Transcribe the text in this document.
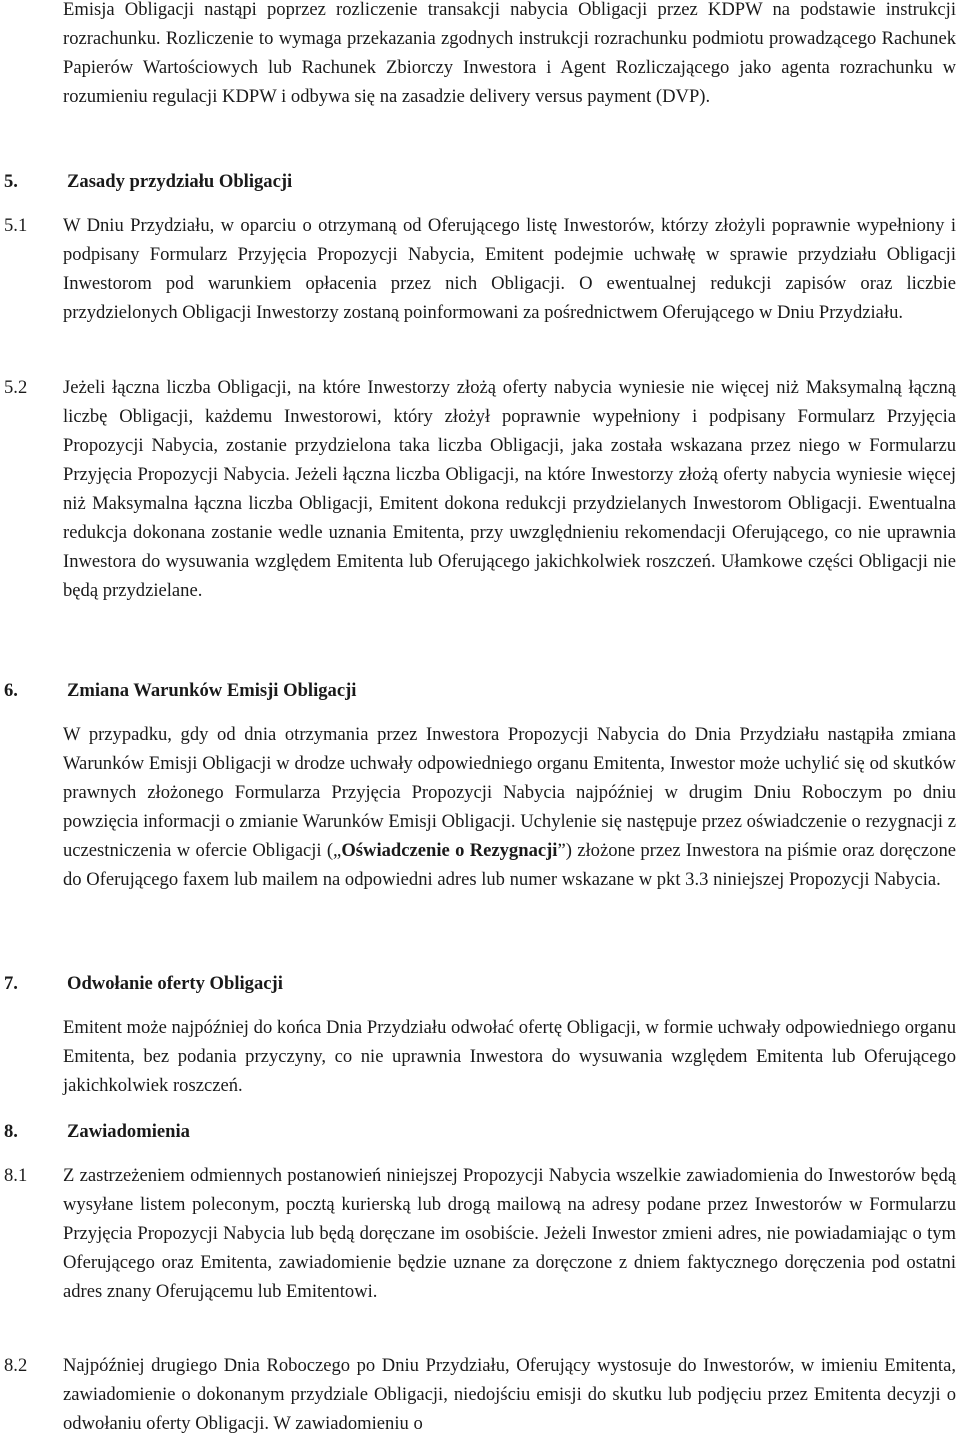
Emisja Obligacji nastąpi poprzez rozliczenie transakcji nabycia Obligacji przez KDPW na podstawie instrukcji rozrachunku. Rozliczenie to wymaga przekazania zgodnych instrukcji rozrachunku podmiotu prowadzącego Rachunek Papierów Wartościowych lub Rachunek Zbiorczy Inwestora i Agent Rozliczającego jako agenta rozrachunku w rozumieniu regulacji KDPW i odbywa się na zasadzie delivery versus payment (DVP).
5.	Zasady przydziału Obligacji
5.1 W Dniu Przydziału, w oparciu o otrzymaną od Oferującego listę Inwestorów, którzy złożyli poprawnie wypełniony i podpisany Formularz Przyjęcia Propozycji Nabycia, Emitent podejmie uchwałę w sprawie przydziału Obligacji Inwestorom pod warunkiem opłacenia przez nich Obligacji. O ewentualnej redukcji zapisów oraz liczbie przydzielonych Obligacji Inwestorzy zostaną poinformowani za pośrednictwem Oferującego w Dniu Przydziału.
5.2 Jeżeli łączna liczba Obligacji, na które Inwestorzy złożą oferty nabycia wyniesie nie więcej niż Maksymalną łączną liczbę Obligacji, każdemu Inwestorowi, który złożył poprawnie wypełniony i podpisany Formularz Przyjęcia Propozycji Nabycia, zostanie przydzielona taka liczba Obligacji, jaka została wskazana przez niego w Formularzu Przyjęcia Propozycji Nabycia. Jeżeli łączna liczba Obligacji, na które Inwestorzy złożą oferty nabycia wyniesie więcej niż Maksymalna łączna liczba Obligacji, Emitent dokona redukcji przydzielanych Inwestorom Obligacji. Ewentualna redukcja dokonana zostanie wedle uznania Emitenta, przy uwzględnieniu rekomendacji Oferującego, co nie uprawnia Inwestora do wysuwania względem Emitenta lub Oferującego jakichkolwiek roszczeń. Ułamkowe części Obligacji nie będą przydzielane.
6.	Zmiana Warunków Emisji Obligacji
W przypadku, gdy od dnia otrzymania przez Inwestora Propozycji Nabycia do Dnia Przydziału nastąpiła zmiana Warunków Emisji Obligacji w drodze uchwały odpowiedniego organu Emitenta, Inwestor może uchylić się od skutków prawnych złożonego Formularza Przyjęcia Propozycji Nabycia najpóźniej w drugim Dniu Roboczym po dniu powzięcia informacji o zmianie Warunków Emisji Obligacji. Uchylenie się następuje przez oświadczenie o rezygnacji z uczestniczenia w ofercie Obligacji („Oświadczenie o Rezygnacji”) złożone przez Inwestora na piśmie oraz doręczone do Oferującego faxem lub mailem na odpowiedni adres lub numer wskazane w pkt 3.3 niniejszej Propozycji Nabycia.
7.	Odwołanie oferty Obligacji
Emitent może najpóźniej do końca Dnia Przydziału odwołać ofertę Obligacji, w formie uchwały odpowiedniego organu Emitenta, bez podania przyczyny, co nie uprawnia Inwestora do wysuwania względem Emitenta lub Oferującego jakichkolwiek roszczeń.
8.	Zawiadomienia
8.1 Z zastrzeżeniem odmiennych postanowień niniejszej Propozycji Nabycia wszelkie zawiadomienia do Inwestorów będą wysyłane listem poleconym, pocztą kurierską lub drogą mailową na adresy podane przez Inwestorów w Formularzu Przyjęcia Propozycji Nabycia lub będą doręczane im osobiście. Jeżeli Inwestor zmieni adres, nie powiadamiając o tym Oferującego oraz Emitenta, zawiadomienie będzie uznane za doręczone z dniem faktycznego doręczenia pod ostatni adres znany Oferującemu lub Emitentowi.
8.2 Najpóźniej drugiego Dnia Roboczego po Dniu Przydziału, Oferujący wystosuje do Inwestorów, w imieniu Emitenta, zawiadomienie o dokonanym przydziale Obligacji, niedojściu emisji do skutku lub podjęciu przez Emitenta decyzji o odwołaniu oferty Obligacji. W zawiadomieniu o
